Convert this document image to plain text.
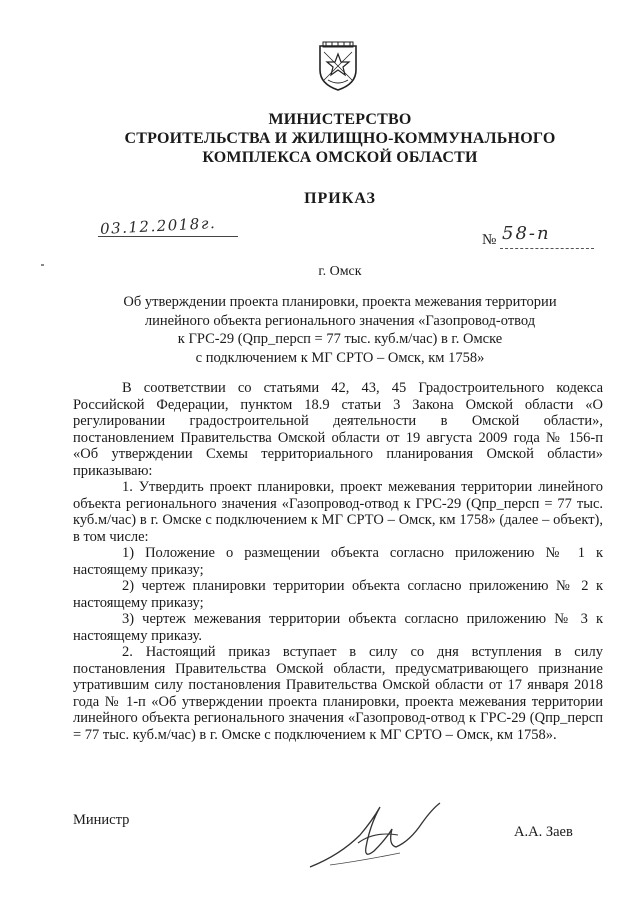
МИНИСТЕРСТВО
СТРОИТЕЛЬСТВА И ЖИЛИЩНО-КОММУНАЛЬНОГО
КОМПЛЕКСА ОМСКОЙ ОБЛАСТИ
ПРИКАЗ
03.12.2018г.
№ 58-п
г. Омск
Об утверждении проекта планировки, проекта межевания территории
линейного объекта регионального значения «Газопровод-отвод
к ГРС-29 (Qпр_персп = 77 тыс. куб.м/час) в г. Омске
с подключением к МГ СРТО – Омск, км 1758»

В соответствии со статьями 42, 43, 45 Градостроительного кодекса Российской Федерации, пунктом 18.9 статьи 3 Закона Омской области «О регулировании градостроительной деятельности в Омской области», постановлением Правительства Омской области от 19 августа 2009 года № 156-п «Об утверждении Схемы территориального планирования Омской области» приказываю:

1. Утвердить проект планировки, проект межевания территории линейного объекта регионального значения «Газопровод-отвод к ГРС-29 (Qпр_персп = 77 тыс. куб.м/час) в г. Омске с подключением к МГ СРТО – Омск, км 1758» (далее – объект), в том числе:

1) Положение о размещении объекта согласно приложению № 1 к настоящему приказу;

2) чертеж планировки территории объекта согласно приложению № 2 к настоящему приказу;

3) чертеж межевания территории объекта согласно приложению № 3 к настоящему приказу.

2. Настоящий приказ вступает в силу со дня вступления в силу постановления Правительства Омской области, предусматривающего признание утратившим силу постановления Правительства Омской области от 17 января 2018 года № 1-п «Об утверждении проекта планировки, проекта межевания территории линейного объекта регионального значения «Газопровод-отвод к ГРС-29 (Qпр_персп = 77 тыс. куб.м/час) в г. Омске с подключением к МГ СРТО – Омск, км 1758».

Министр
А.А. Заев
